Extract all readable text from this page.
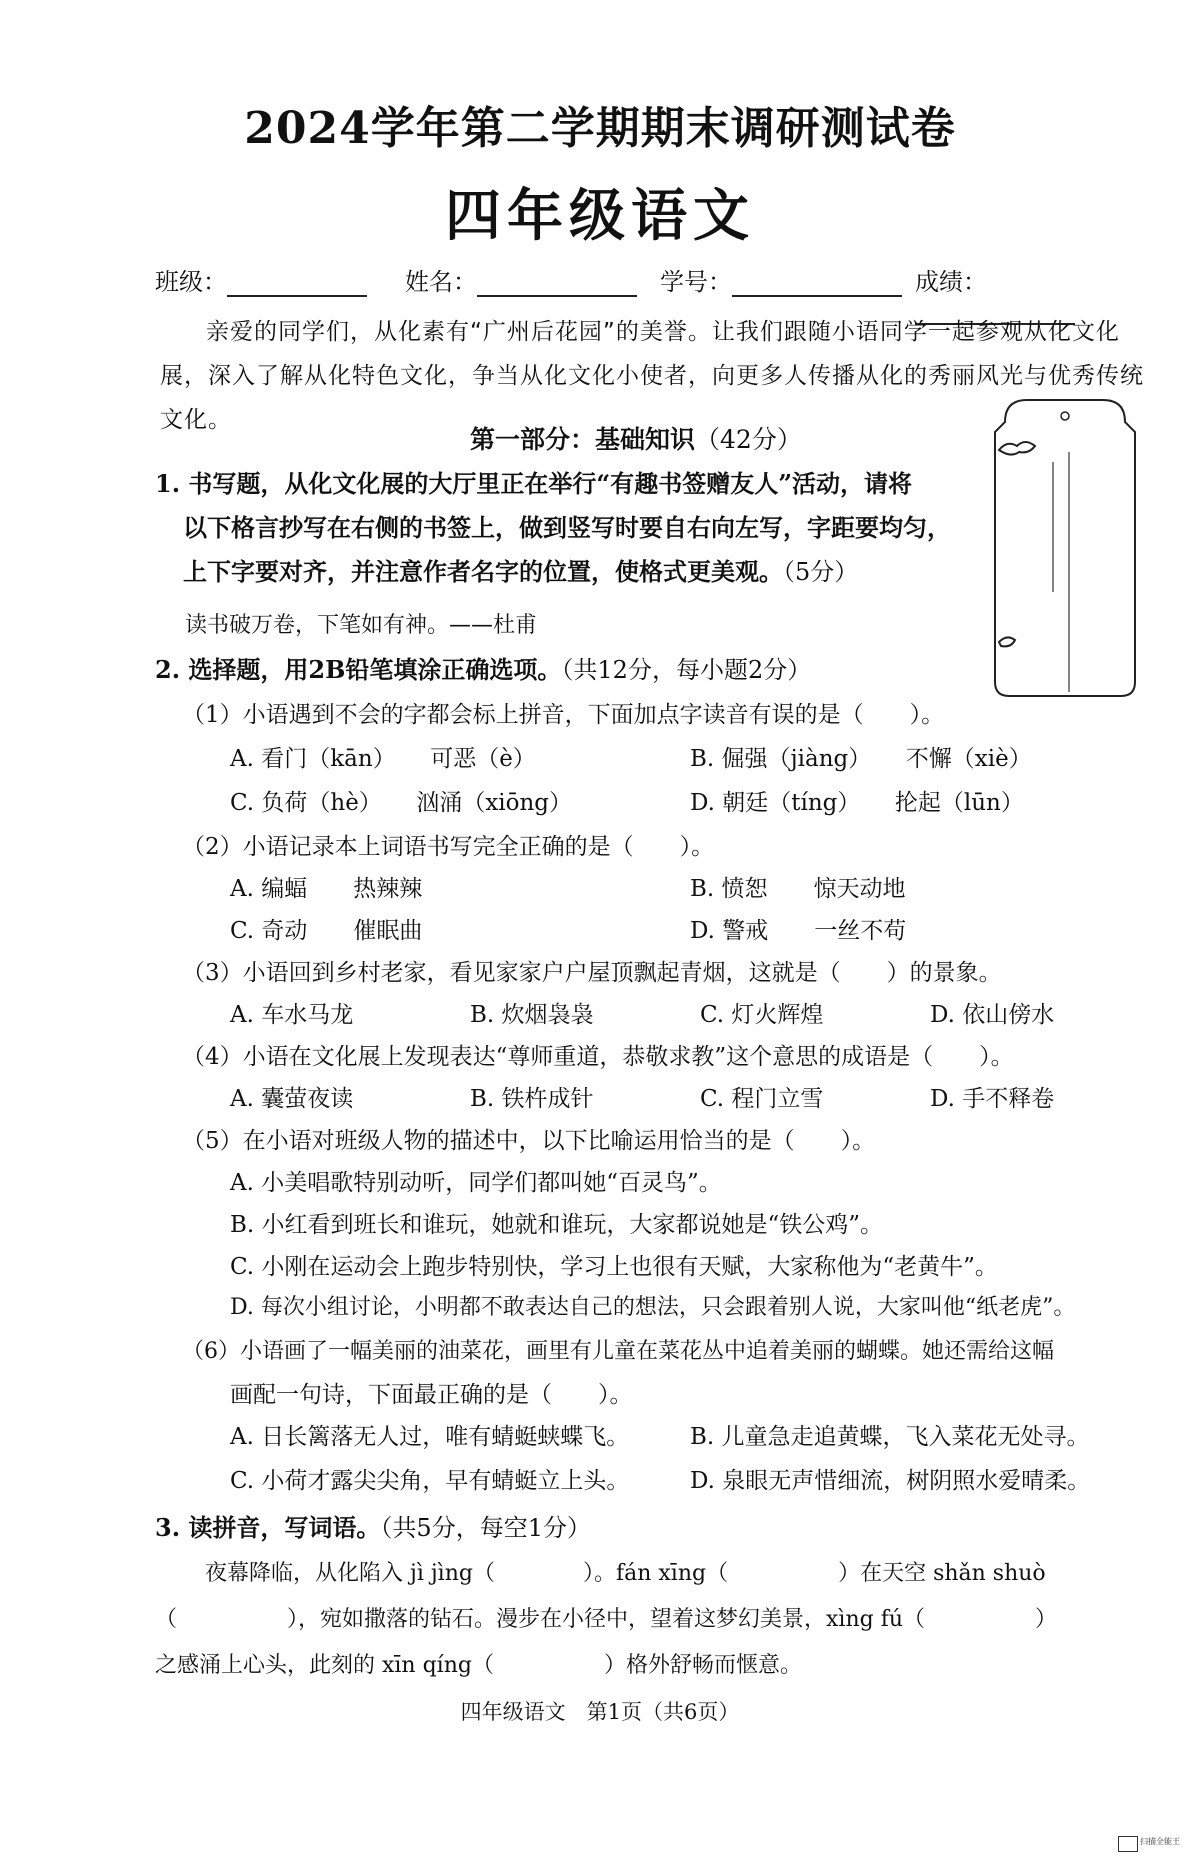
2024学年第二学期期末调研测试卷
四年级语文
班级：	姓名：	学号：	成绩：
亲爱的同学们，从化素有“广州后花园”的美誉。让我们跟随小语同学一起参观从化文化展，深入了解从化特色文化，争当从化文化小使者，向更多人传播从化的秀丽风光与优秀传统文化。
第一部分：基础知识（42分）
1. 书写题，从化文化展的大厅里正在举行“有趣书签赠友人”活动，请将
以下格言抄写在右侧的书签上，做到竖写时要自右向左写，字距要均匀，
上下字要对齐，并注意作者名字的位置，使格式更美观。（5分）
读书破万卷，下笔如有神。——杜甫
2. 选择题，用2B铅笔填涂正确选项。（共12分，每小题2分）
（1）小语遇到不会的字都会标上拼音，下面加点字读音有误的是（　　）。
A. 看门（kān）　　可恶（è）	B. 倔强（jiàng）　　不懈（xiè）
C. 负荷（hè）　　汹涌（xiōng）	D. 朝廷（tíng）　　抡起（lūn）
（2）小语记录本上词语书写完全正确的是（　　）。
A. 编蝠　　热辣辣	B. 愤恕　　惊天动地
C. 奇动　　催眠曲	D. 警戒　　一丝不苟
（3）小语回到乡村老家，看见家家户户屋顶飘起青烟，这就是（　　）的景象。
A. 车水马龙	B. 炊烟袅袅	C. 灯火辉煌	D. 依山傍水
（4）小语在文化展上发现表达“尊师重道，恭敬求教”这个意思的成语是（　　）。
A. 囊萤夜读	B. 铁杵成针	C. 程门立雪	D. 手不释卷
（5）在小语对班级人物的描述中，以下比喻运用恰当的是（　　）。
A. 小美唱歌特别动听，同学们都叫她“百灵鸟”。
B. 小红看到班长和谁玩，她就和谁玩，大家都说她是“铁公鸡”。
C. 小刚在运动会上跑步特别快，学习上也很有天赋，大家称他为“老黄牛”。
D. 每次小组讨论，小明都不敢表达自己的想法，只会跟着别人说，大家叫他“纸老虎”。
（6）小语画了一幅美丽的油菜花，画里有儿童在菜花丛中追着美丽的蝴蝶。她还需给这幅
画配一句诗，下面最正确的是（　　）。
A. 日长篱落无人过，唯有蜻蜓蛱蝶飞。	B. 儿童急走追黄蝶，飞入菜花无处寻。
C. 小荷才露尖尖角，早有蜻蜓立上头。	D. 泉眼无声惜细流，树阴照水爱晴柔。
3. 读拼音，写词语。（共5分，每空1分）
夜幕降临，从化陷入 jì jìng（　　　　）。fán xīng（　　　　　）在天空 shǎn shuò
（　　　　　），宛如撒落的钻石。漫步在小径中，望着这梦幻美景，xìng fú（　　　　　）
之感涌上心头，此刻的 xīn qíng（　　　　　）格外舒畅而惬意。
四年级语文　第1页（共6页）
扫描全能王
